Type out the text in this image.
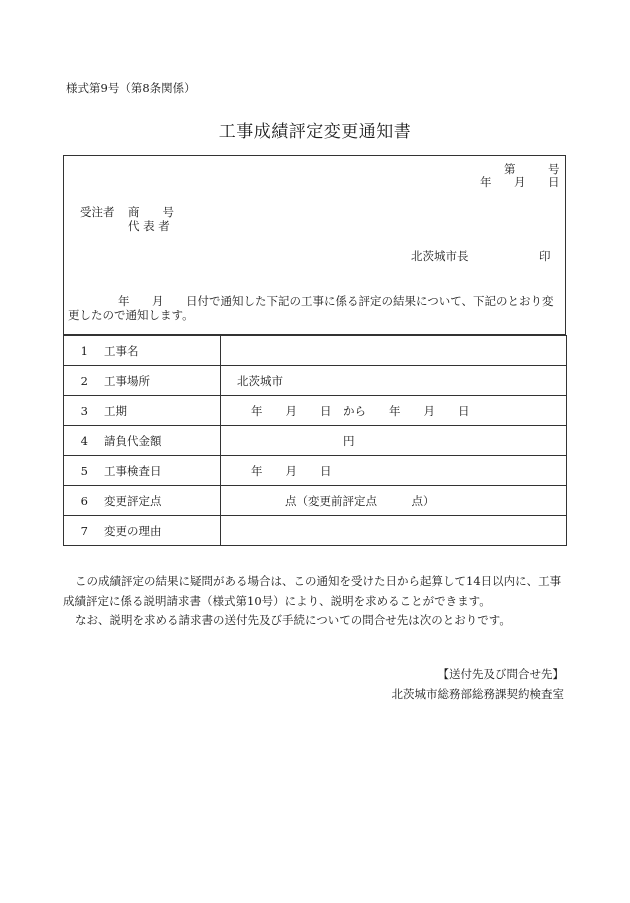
様式第9号（第8条関係）
工事成績評定変更通知書
第	号
年 月 日
受注者 商　　号
代 表 者
北茨城市長	印
年 月 日付で通知した下記の工事に係る評定の結果について、下記のとおり変
更したので通知します。
1 工事名	

2 工事場所	北茨城市

3 工期	年　　月　　日　から　　年　　月　　日

4 請負代金額	円

5 工事検査日	年　　月　　日

6 変更評定点	点（変更前評定点　　　点）

7 変更の理由	
この成績評定の結果に疑問がある場合は、この通知を受けた日から起算して14日以内に、工事
成績評定に係る説明請求書（様式第10号）により、説明を求めることができます。
なお、説明を求める請求書の送付先及び手続についての問合せ先は次のとおりです。
【送付先及び問合せ先】
北茨城市総務部総務課契約検査室
